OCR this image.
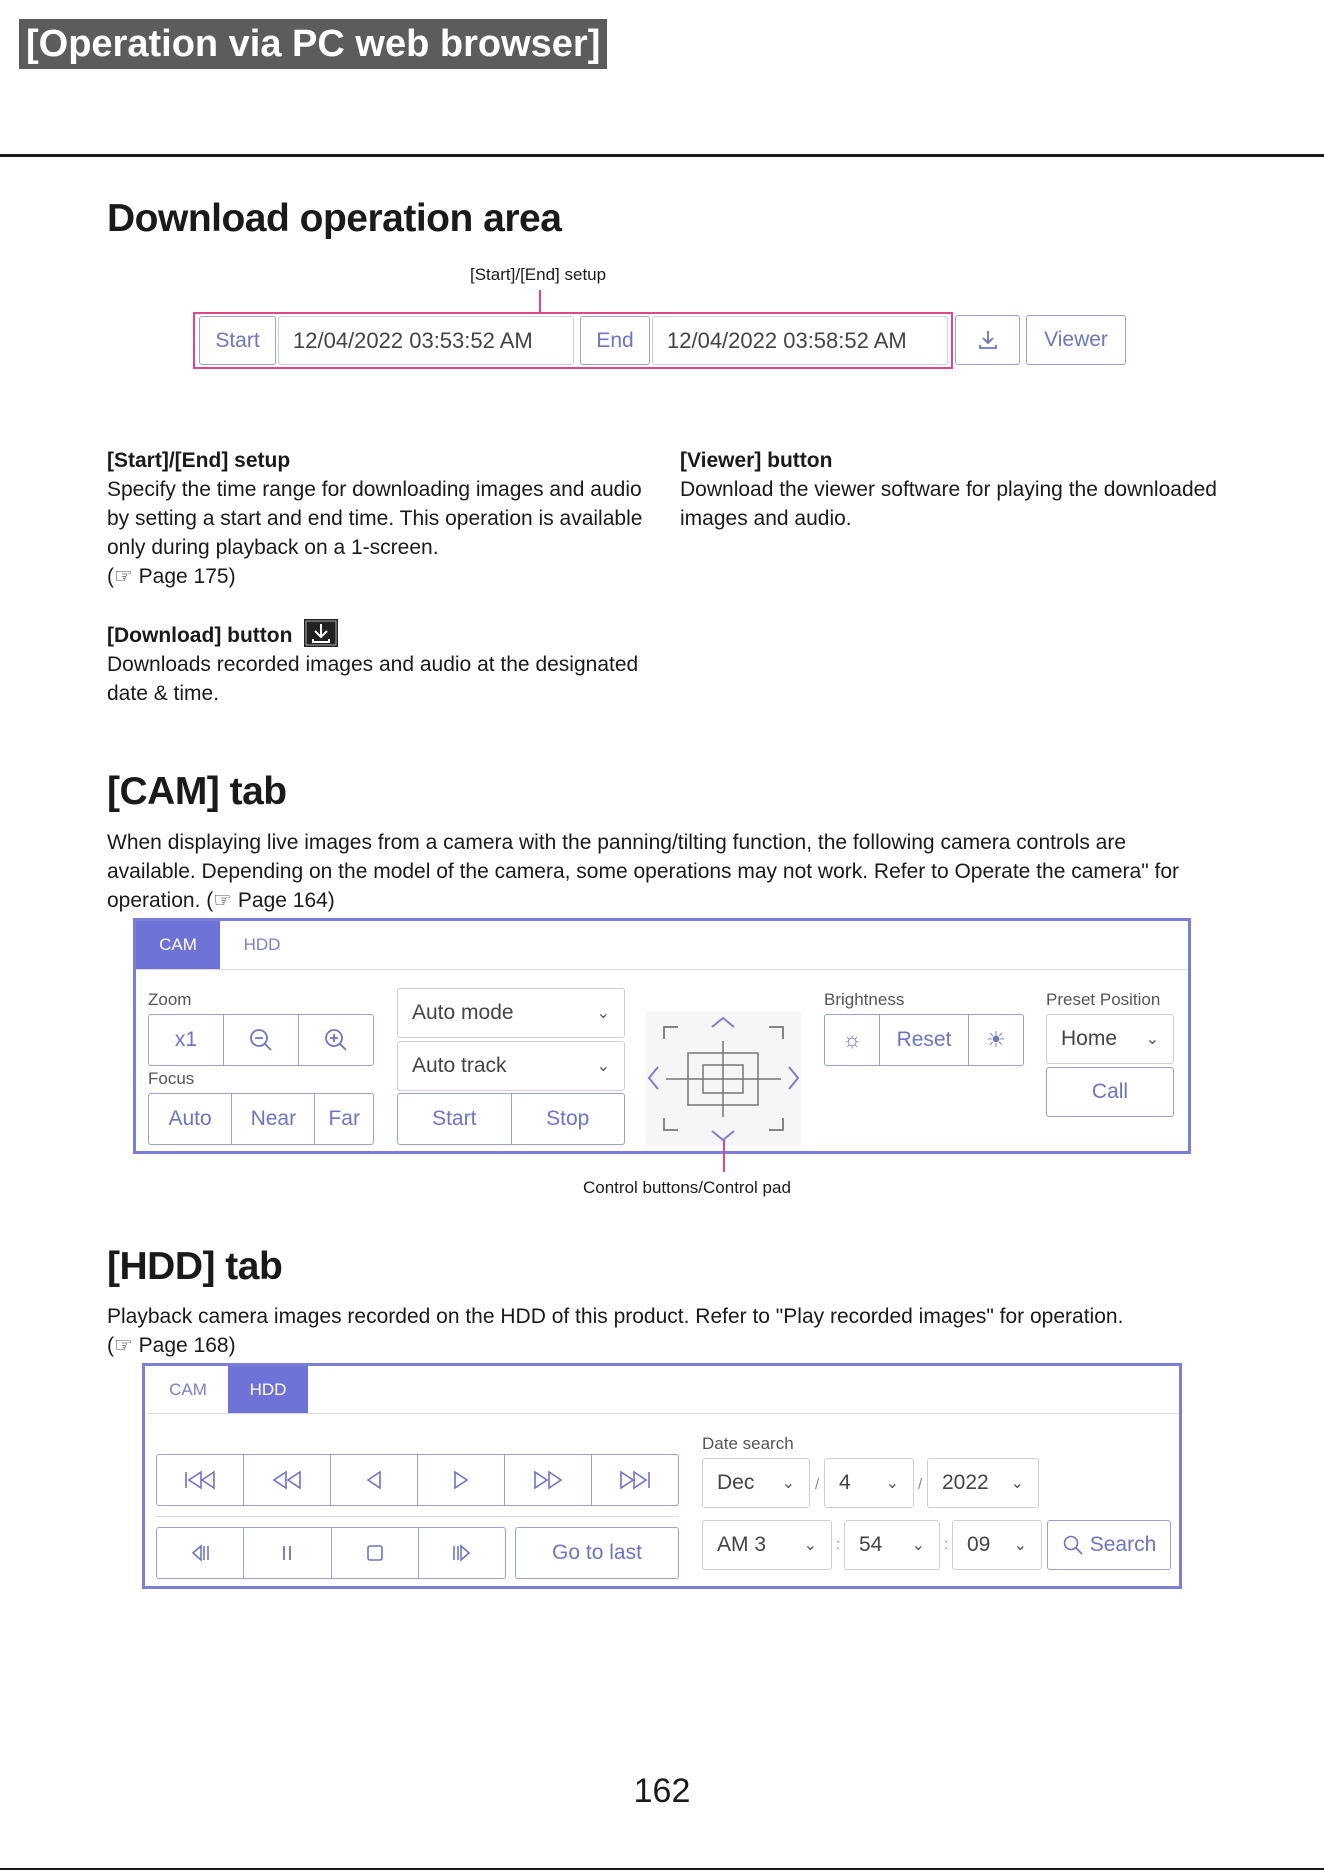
[Operation via PC web browser]
Download operation area
[Start]/[End] setup
Start	12/04/2022 03:53:52 AM	End	12/04/2022 03:58:52 AM	Viewer
[Start]/[End] setup
Specify the time range for downloading images and audio by setting a start and end time. This operation is available only during playback on a 1-screen.
(☞ Page 175)
[Download] button
Downloads recorded images and audio at the designated date & time.
[Viewer] button
Download the viewer software for playing the downloaded images and audio.
[CAM] tab
When displaying live images from a camera with the panning/tilting function, the following camera controls are available. Depending on the model of the camera, some operations may not work. Refer to Operate the camera" for operation. (☞ Page 164)
CAM	HDD
Zoom
x1
Focus
Auto	Near	Far
Auto mode	⌄
Auto track	⌄
Start	Stop
Brightness
☼	Reset	☀
Preset Position
Home ⌄
Call
Control buttons/Control pad
[HDD] tab
Playback camera images recorded on the HDD of this product. Refer to "Play recorded images" for operation.
(☞ Page 168)
CAM	HDD
Go to last
Date search
Dec ⌄ / 4 ⌄ / 2022 ⌄
AM 3 ⌄ : 54 ⌄ : 09 ⌄	Search
162
